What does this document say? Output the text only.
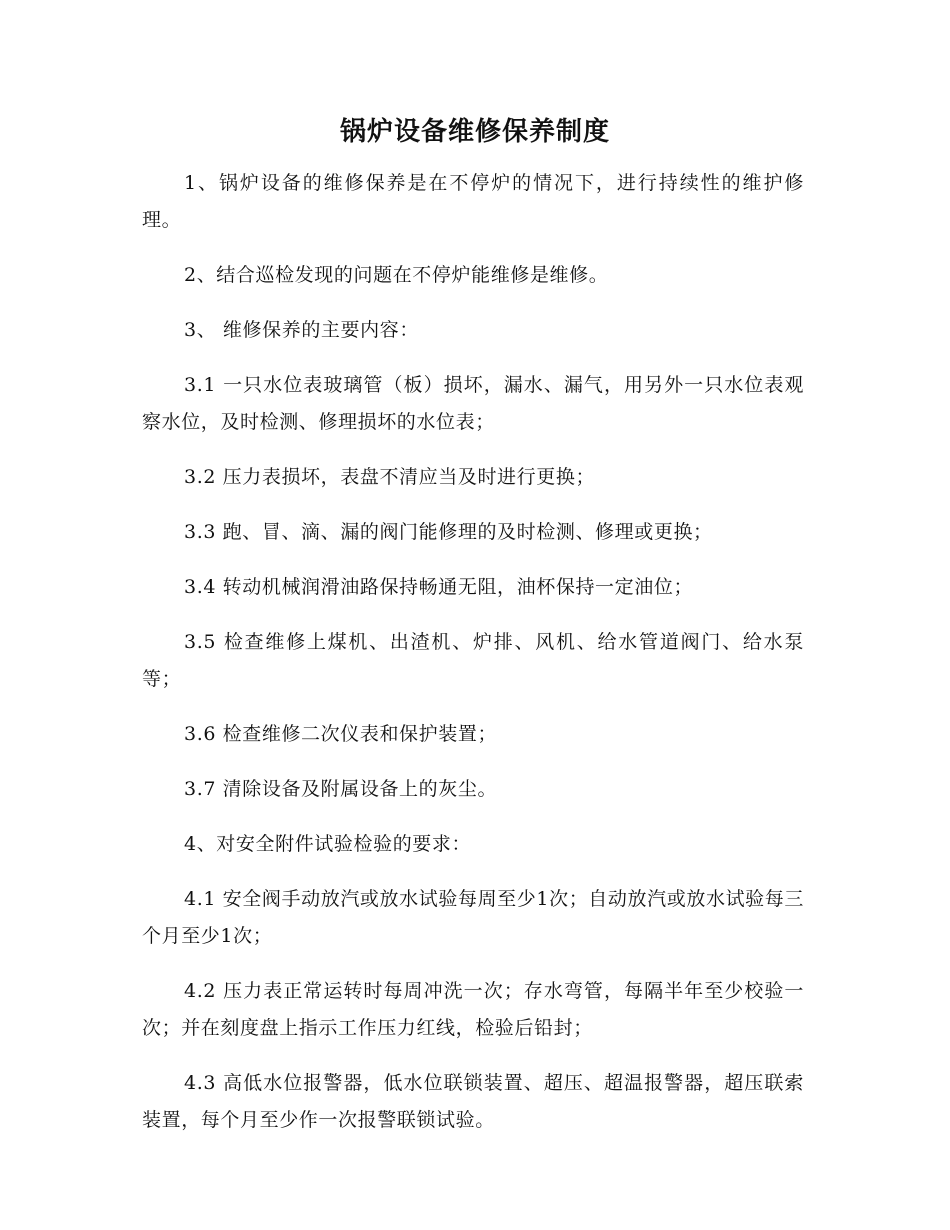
锅炉设备维修保养制度

1、锅炉设备的维修保养是在不停炉的情况下，进行持续性的维护修理。

2、结合巡检发现的问题在不停炉能维修是维修。

3、 维修保养的主要内容：

3.1 一只水位表玻璃管（板）损坏，漏水、漏气，用另外一只水位表观察水位，及时检测、修理损坏的水位表；

3.2 压力表损坏，表盘不清应当及时进行更换；

3.3 跑、冒、滴、漏的阀门能修理的及时检测、修理或更换；

3.4 转动机械润滑油路保持畅通无阻，油杯保持一定油位；

3.5 检查维修上煤机、出渣机、炉排、风机、给水管道阀门、给水泵等；

3.6 检查维修二次仪表和保护装置；

3.7 清除设备及附属设备上的灰尘。

4、对安全附件试验检验的要求：

4.1 安全阀手动放汽或放水试验每周至少1次；自动放汽或放水试验每三个月至少1次；

4.2 压力表正常运转时每周冲洗一次；存水弯管，每隔半年至少校验一次；并在刻度盘上指示工作压力红线，检验后铅封；

4.3 高低水位报警器，低水位联锁装置、超压、超温报警器，超压联索装置，每个月至少作一次报警联锁试验。
